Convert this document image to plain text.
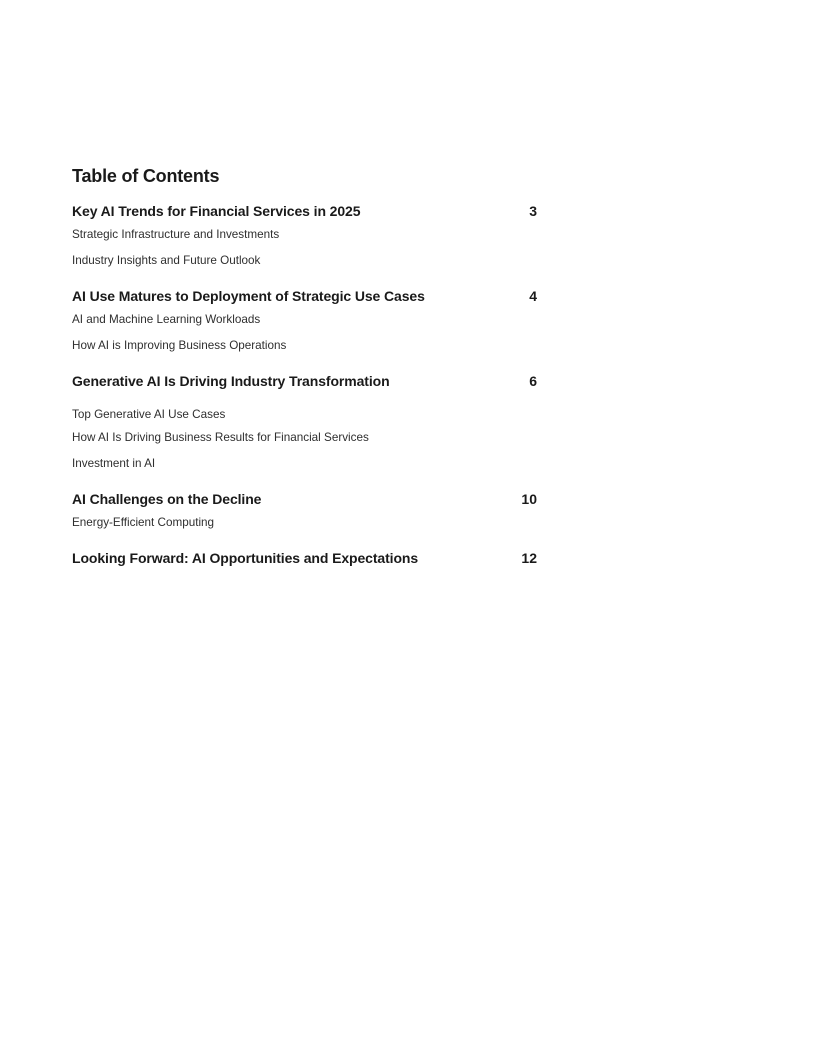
Table of Contents
Key AI Trends for Financial Services in 2025	3
Strategic Infrastructure and Investments
Industry Insights and Future Outlook
AI Use Matures to Deployment of Strategic Use Cases	4
AI and Machine Learning Workloads
How AI is Improving Business Operations
Generative AI Is Driving Industry Transformation	6
Top Generative AI Use Cases
How AI Is Driving Business Results for Financial Services
Investment in AI
AI Challenges on the Decline	10
Energy-Efficient Computing
Looking Forward: AI Opportunities and Expectations	12
